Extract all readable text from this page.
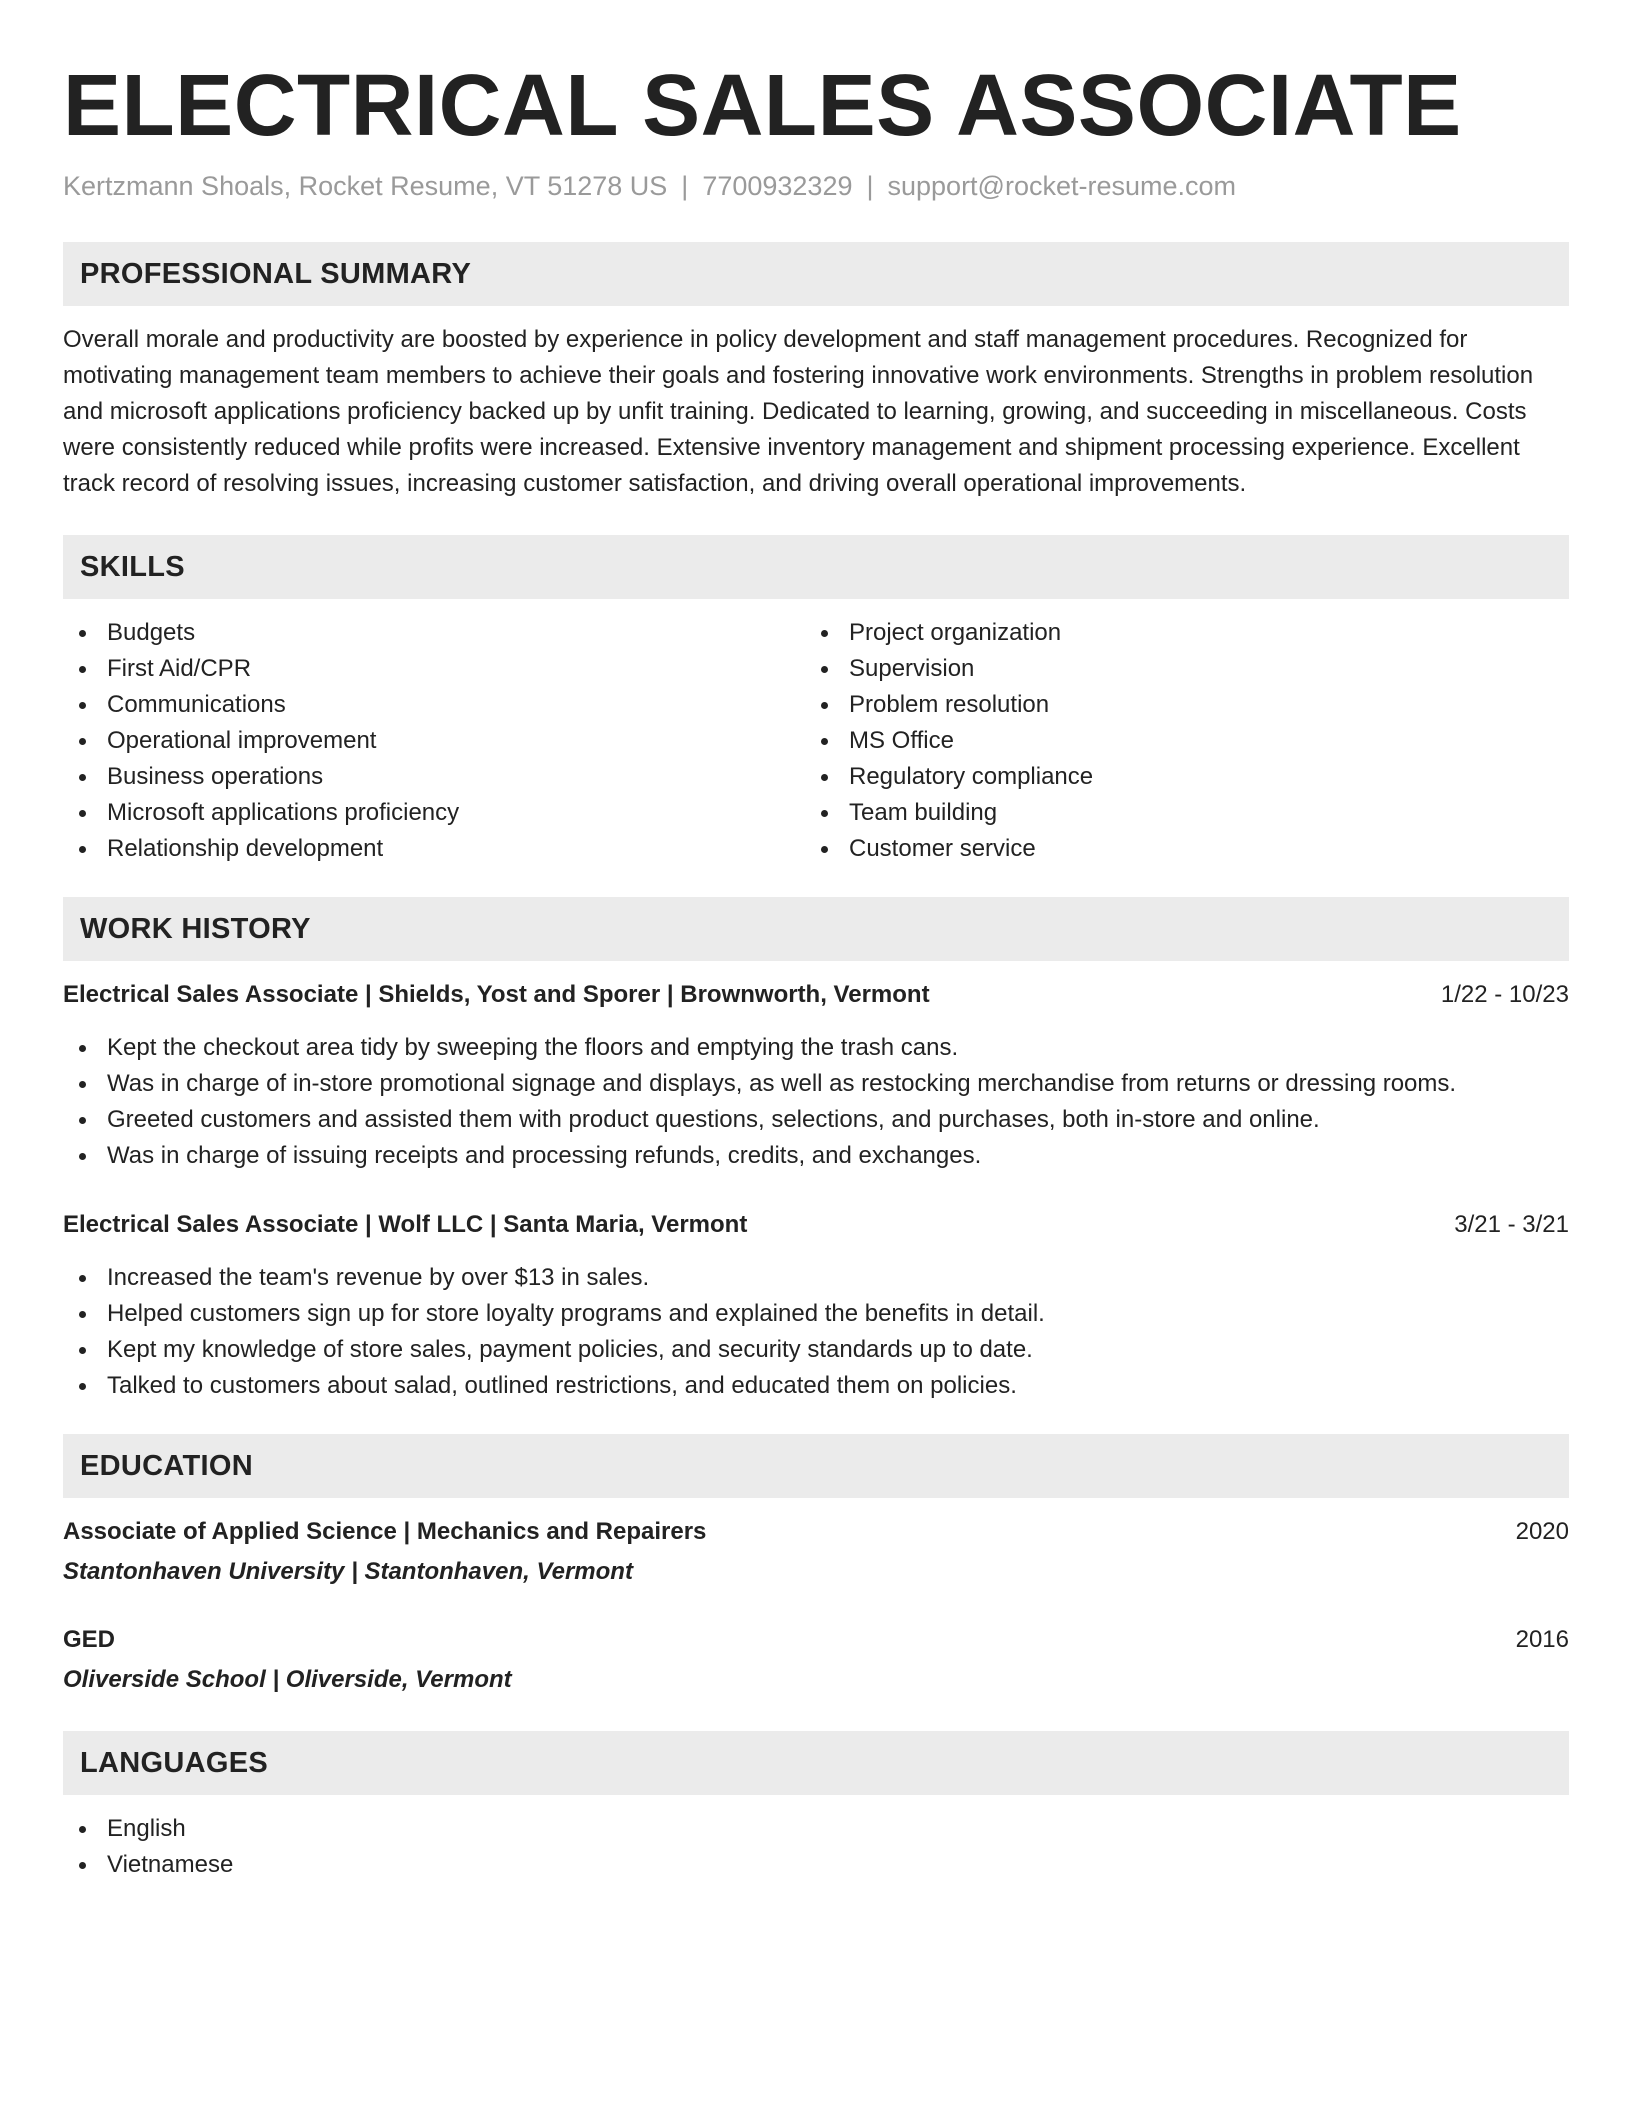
ELECTRICAL SALES ASSOCIATE
Kertzmann Shoals, Rocket Resume, VT 51278 US | 7700932329 | support@rocket-resume.com
PROFESSIONAL SUMMARY

Overall morale and productivity are boosted by experience in policy development and staff management procedures. Recognized for motivating management team members to achieve their goals and fostering innovative work environments. Strengths in problem resolution and microsoft applications proficiency backed up by unfit training. Dedicated to learning, growing, and succeeding in miscellaneous. Costs were consistently reduced while profits were increased. Extensive inventory management and shipment processing experience. Excellent track record of resolving issues, increasing customer satisfaction, and driving overall operational improvements.

SKILLS
Budgets
First Aid/CPR
Communications
Operational improvement
Business operations
Microsoft applications proficiency
Relationship development
Project organization
Supervision
Problem resolution
MS Office
Regulatory compliance
Team building
Customer service
WORK HISTORY
Electrical Sales Associate | Shields, Yost and Sporer | Brownworth, Vermont	1/22 - 10/23
Kept the checkout area tidy by sweeping the floors and emptying the trash cans.
Was in charge of in-store promotional signage and displays, as well as restocking merchandise from returns or dressing rooms.
Greeted customers and assisted them with product questions, selections, and purchases, both in-store and online.
Was in charge of issuing receipts and processing refunds, credits, and exchanges.
Electrical Sales Associate | Wolf LLC | Santa Maria, Vermont	3/21 - 3/21
Increased the team's revenue by over $13 in sales.
Helped customers sign up for store loyalty programs and explained the benefits in detail.
Kept my knowledge of store sales, payment policies, and security standards up to date.
Talked to customers about salad, outlined restrictions, and educated them on policies.
EDUCATION
Associate of Applied Science | Mechanics and Repairers	2020
Stantonhaven University | Stantonhaven, Vermont
GED	2016
Oliverside School | Oliverside, Vermont
LANGUAGES
English
Vietnamese
